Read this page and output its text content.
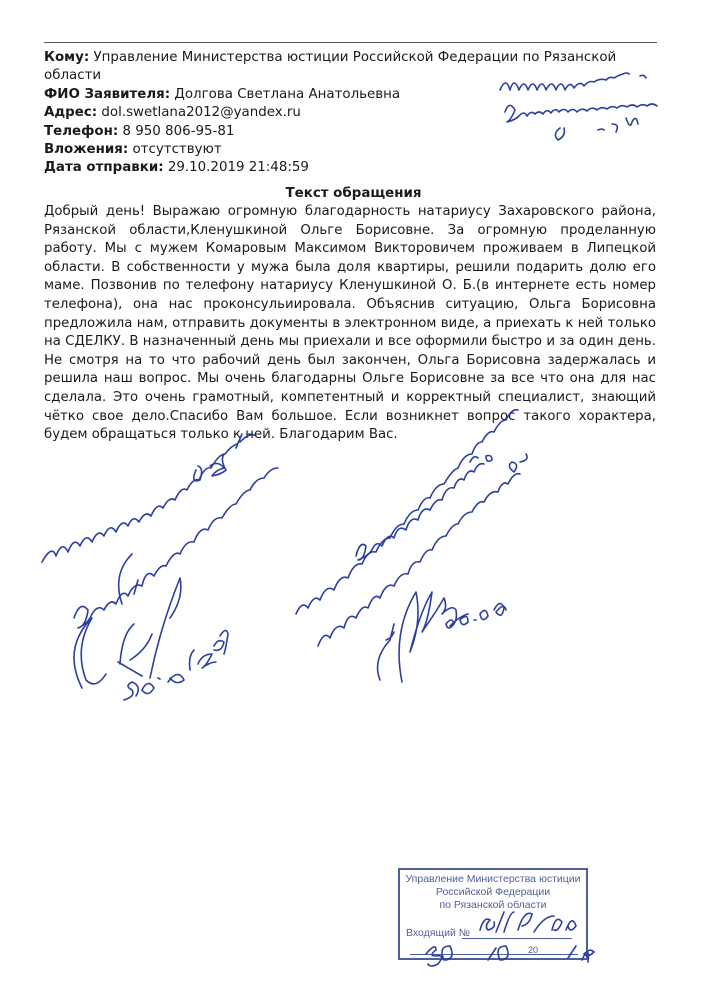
Кому: Управление Министерства юстиции Российской Федерации по Рязанской области
ФИО Заявителя: Долгова Светлана Анатольевна
Адрес: dol.swetlana2012@yandex.ru
Телефон: 8 950 806-95-81
Вложения: отсутствуют
Дата отправки: 29.10.2019 21:48:59
Текст обращения
Добрый день! Выражаю огромную благодарность натариусу Захаровского района, Рязанской области,Кленушкиной Ольге Борисовне. За огромную проделанную работу. Мы с мужем Комаровым Максимом Викторовичем проживаем в Липецкой области. В собственности у мужа была доля квартиры, решили подарить долю его маме. Позвонив по телефону натариусу Кленушкиной О. Б.(в интернете есть номер телефона), она нас проконсульиировала. Объяснив ситуацию, Ольга Борисовна предложила нам, отправить документы в электронном виде, а приехать к ней только на СДЕЛКУ. В назначенный день мы приехали и все оформили быстро и за один день. Не смотря на то что рабочий день был закончен, Ольга Борисовна задержалась и решила наш вопрос. Мы очень благодарны Ольге Борисовне за все что она для нас сделала. Это очень грамотный, компетентный и корректный специалист, знающий чётко свое дело.Спасибо Вам большое. Если возникнет вопрос такого хорактера, будем обращаться только к ней. Благодарим Вас.
Управление Министерства юстиции
Российской Федерации
по Рязанской области
Входящий №
20
